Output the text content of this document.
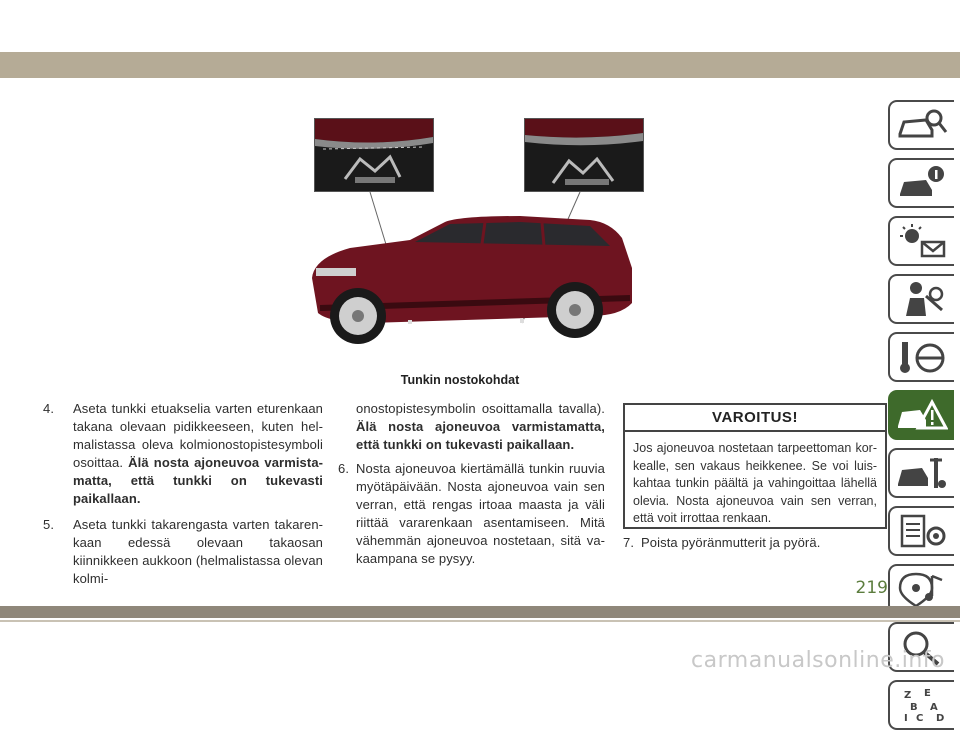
Tunkin nostokohdat
4. Aseta tunkki etuakselia varten eturenkaan takana olevaan pidikkeeseen, kuten helmalistassa oleva kolmionostopistesymboli osoittaa. Älä nosta ajoneuvoa varmistamatta, että tunkki on tukevasti paikallaan.
5. Aseta tunkki takarengasta varten takarenkaan edessä olevaan takaosan kiinnikkeen aukkoon (helmalistassa olevan kolmi-
onostopistesymbolin osoittamalla tavalla). Älä nosta ajoneuvoa varmistamatta, että tunkki on tukevasti paikallaan.
6. Nosta ajoneuvoa kiertämällä tunkin ruuvia myötäpäivään. Nosta ajoneuvoa vain sen verran, että rengas irtoaa maasta ja väli riittää vararenkaan asentamiseen. Mitä vähemmän ajoneuvoa nostetaan, sitä vakaampana se pysyy.
VAROITUS!
Jos ajoneuvoa nostetaan tarpeettoman korkealle, sen vakaus heikkenee. Se voi luiskahtaa tunkin päältä ja vahingoittaa lähellä olevia. Nosta ajoneuvoa vain sen verran, että voit irrottaa renkaan.
7. Poista pyöränmutterit ja pyörä.
Z E
B A
I C D
219
carmanualsonline.info
